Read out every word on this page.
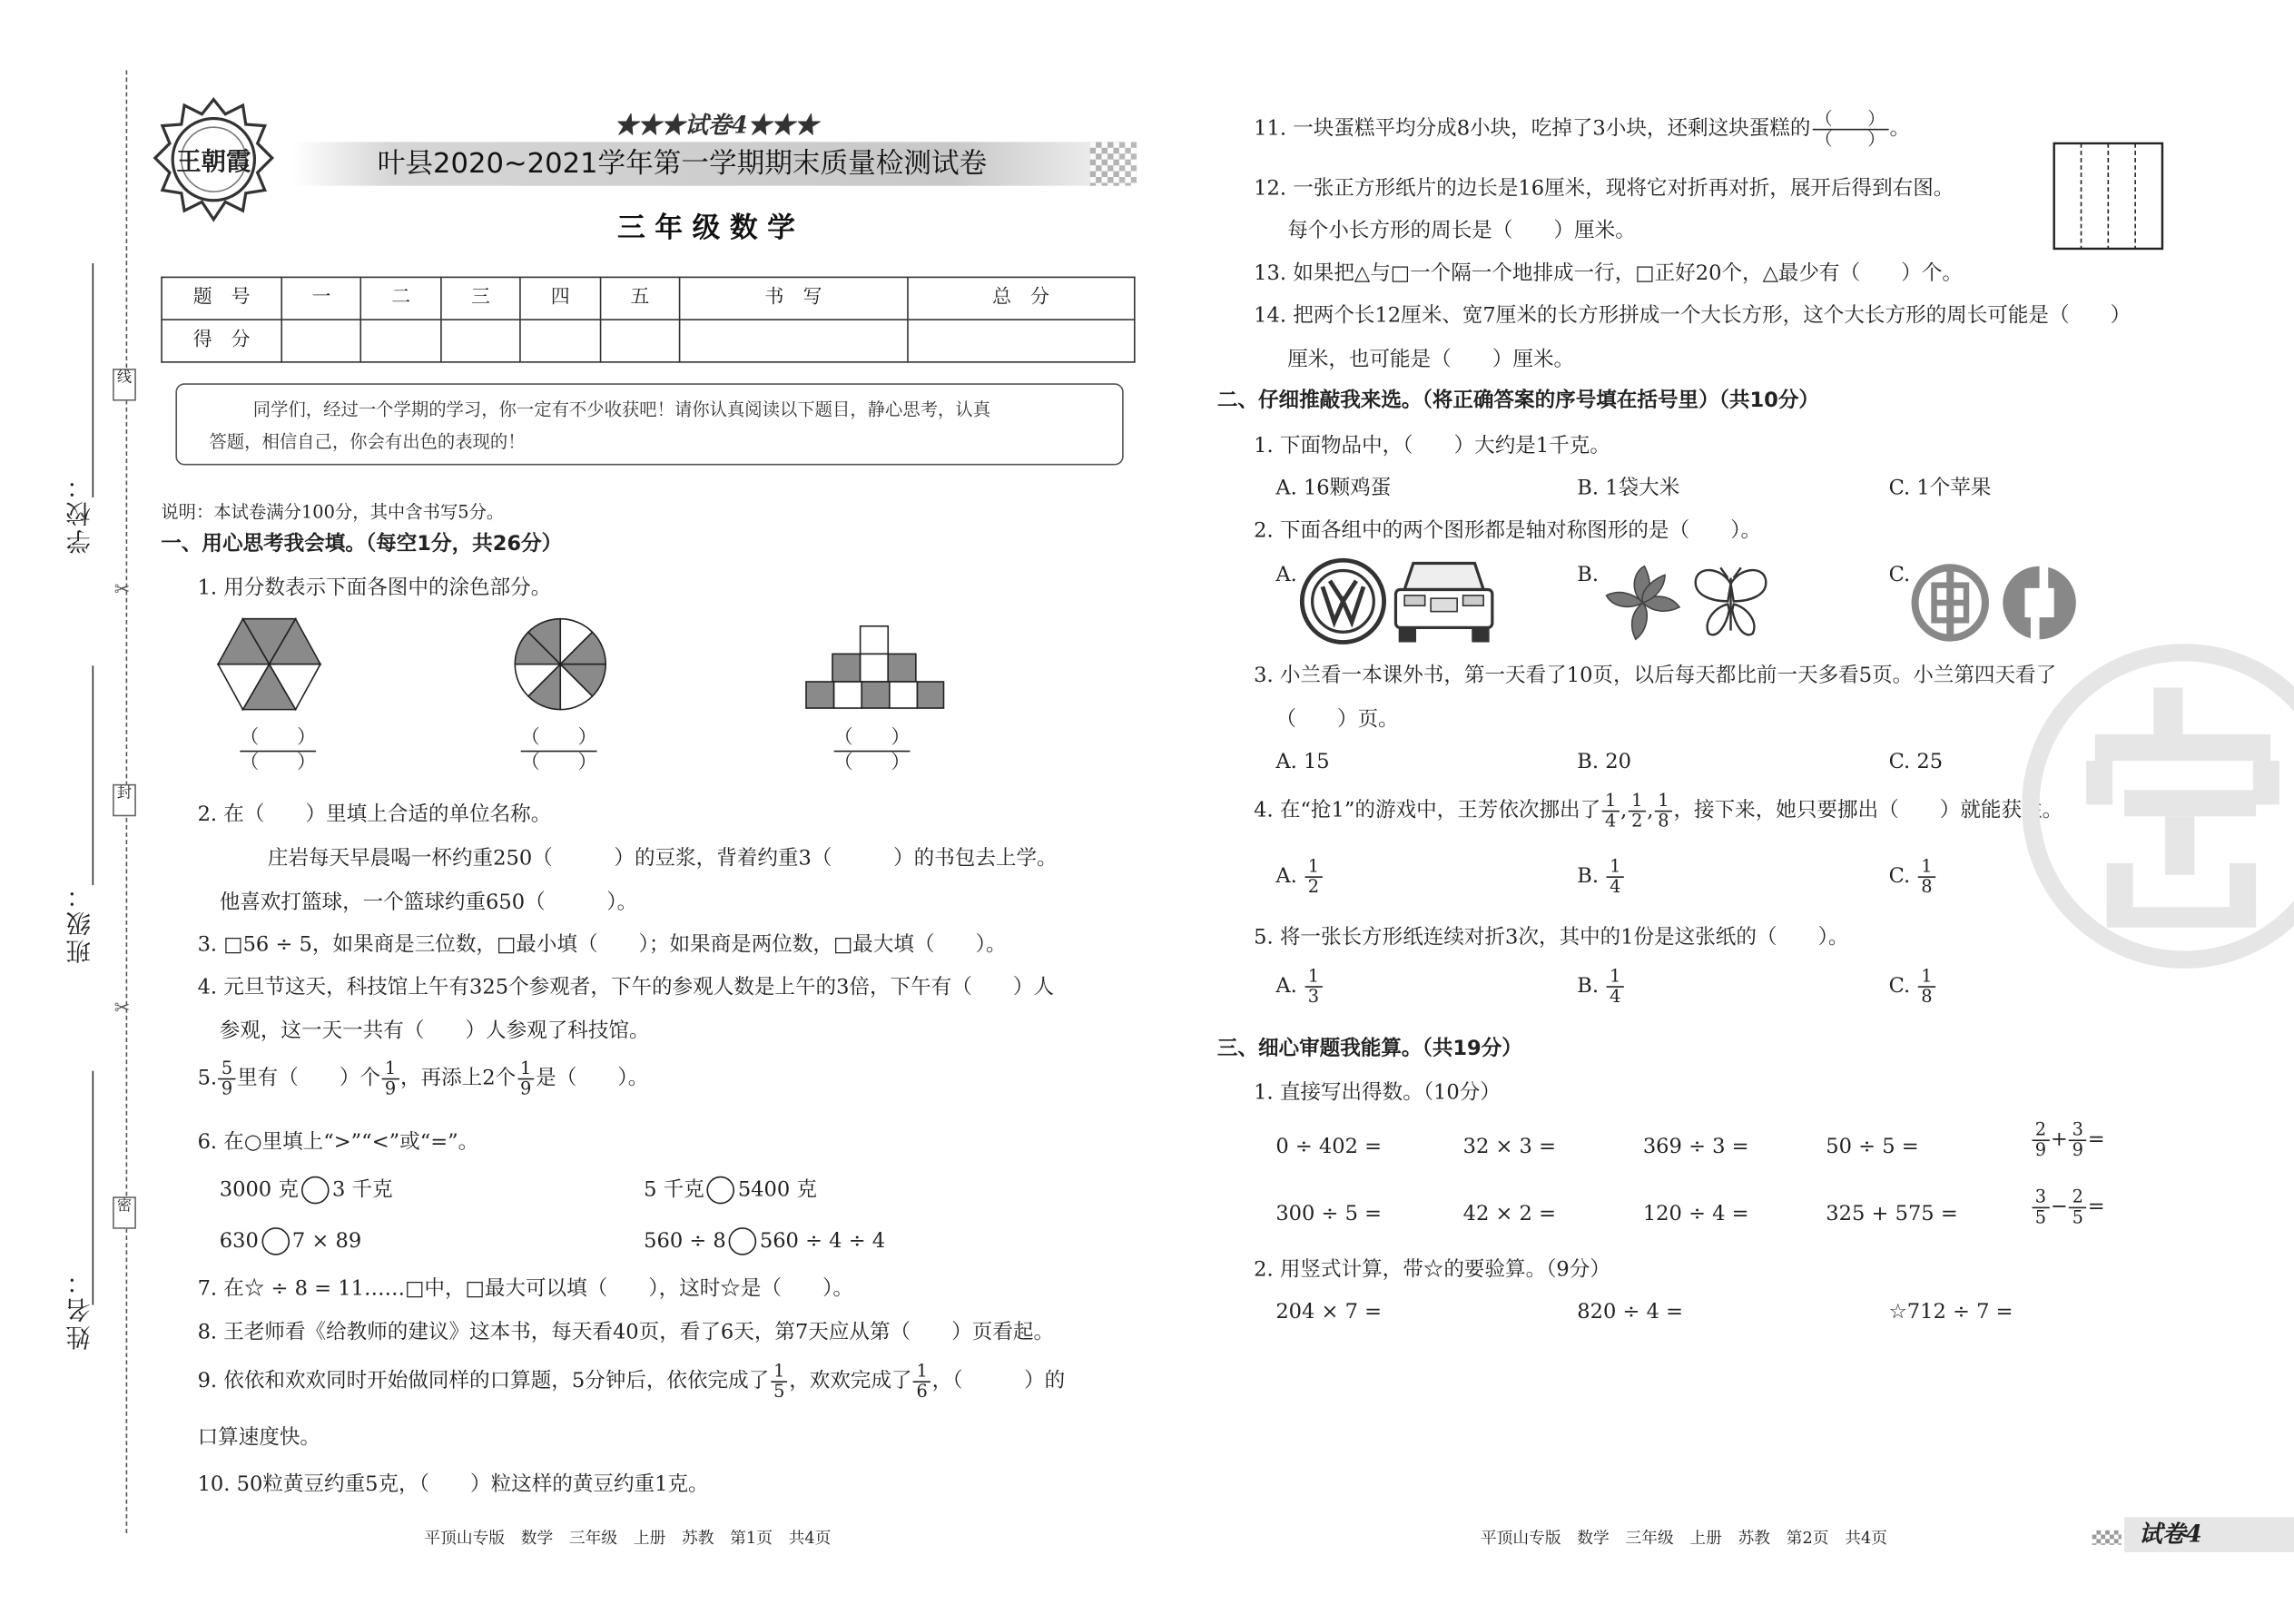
学校：
班级：
姓名：
线
封
密
✂
✂
王朝霞
★★★试卷4★★★
叶县2020~2021学年第一学期期末质量检测试卷
三 年 级 数 学
题　号	一	二	三	四	五	书　写	总　分
得　分							
同学们，经过一个学期的学习，你一定有不少收获吧！请你认真阅读以下题目，静心思考，认真
答题，相信自己，你会有出色的表现的！
说明：本试卷满分100分，其中含书写5分。
一、用心思考我会填。（每空1分，共26分）
1. 用分数表示下面各图中的涂色部分。
（　　）
（　　）
（　　）
（　　）
（　　）
（　　）
2. 在（　　）里填上合适的单位名称。
庄岩每天早晨喝一杯约重250（　　　）的豆浆，背着约重3（　　　）的书包去上学。
他喜欢打篮球，一个篮球约重650（　　　）。
3. □56 ÷ 5，如果商是三位数，□最小填（　　）；如果商是两位数，□最大填（　　）。
4. 元旦节这天，科技馆上午有325个参观者，下午的参观人数是上午的3倍，下午有（　　）人
参观，这一天一共有（　　）人参观了科技馆。
5. $\frac{5}{9}$ 里有（　　）个 $\frac{1}{9}$ ，再添上2个 $\frac{1}{9}$ 是（　　）。
6. 在○里填上“>”“<”或“=”。
3000 克	3 千克	5 千克	5400 克
630	7 × 89	560 ÷ 8	560 ÷ 4 ÷ 4
7. 在☆ ÷ 8 = 11……□中，□最大可以填（　　），这时☆是（　　）。
8. 王老师看《给教师的建议》这本书，每天看40页，看了6天，第7天应从第（　　）页看起。
9. 依依和欢欢同时开始做同样的口算题，5分钟后，依依完成了 $\frac{1}{5}$ ，欢欢完成了 $\frac{1}{6}$ ，（　　　）的
口算速度快。
10. 50粒黄豆约重5克，（　　）粒这样的黄豆约重1克。
平顶山专版　数学　三年级　上册　苏教　第1页　共4页
11. 一块蛋糕平均分成8小块，吃掉了3小块，还剩这块蛋糕的 $\frac{( )}{( )}$ 。
12. 一张正方形纸片的边长是16厘米，现将它对折再对折，展开后得到右图。
每个小长方形的周长是（　　）厘米。
13. 如果把△与□一个隔一个地排成一行，□正好20个，△最少有（　　）个。
14. 把两个长12厘米、宽7厘米的长方形拼成一个大长方形，这个大长方形的周长可能是（　　）
厘米，也可能是（　　）厘米。
二、仔细推敲我来选。（将正确答案的序号填在括号里）（共10分）
1. 下面物品中，（　　）大约是1千克。
A. 16颗鸡蛋	B. 1袋大米	C. 1个苹果
2. 下面各组中的两个图形都是轴对称图形的是（　　）。
A.	B.	C.
3. 小兰看一本课外书，第一天看了10页，以后每天都比前一天多看5页。小兰第四天看了
（　　）页。
A. 15	B. 20	C. 25
4. 在“抢1”的游戏中，王芳依次挪出了 $\frac{1}{4}$ , $\frac{1}{2}$ , $\frac{1}{8}$ ，接下来，她只要挪出（　　）就能获胜。
A. $\frac{1}{2}$	B. $\frac{1}{4}$	C. $\frac{1}{8}$
5. 将一张长方形纸连续对折3次，其中的1份是这张纸的（　　）。
A. $\frac{1}{3}$	B. $\frac{1}{4}$	C. $\frac{1}{8}$
三、细心审题我能算。（共19分）
1. 直接写出得数。（10分）
0 ÷ 402 =	32 × 3 =	369 ÷ 3 =	50 ÷ 5 =	$\frac{2}{9} + \frac{3}{9}$ =
300 ÷ 5 =	42 × 2 =	120 ÷ 4 =	325 + 575 =	$\frac{3}{5} - \frac{2}{5}$ =
2. 用竖式计算，带☆的要验算。（9分）
204 × 7 =	820 ÷ 4 =	☆712 ÷ 7 =
平顶山专版　数学　三年级　上册　苏教　第2页　共4页	试卷4
